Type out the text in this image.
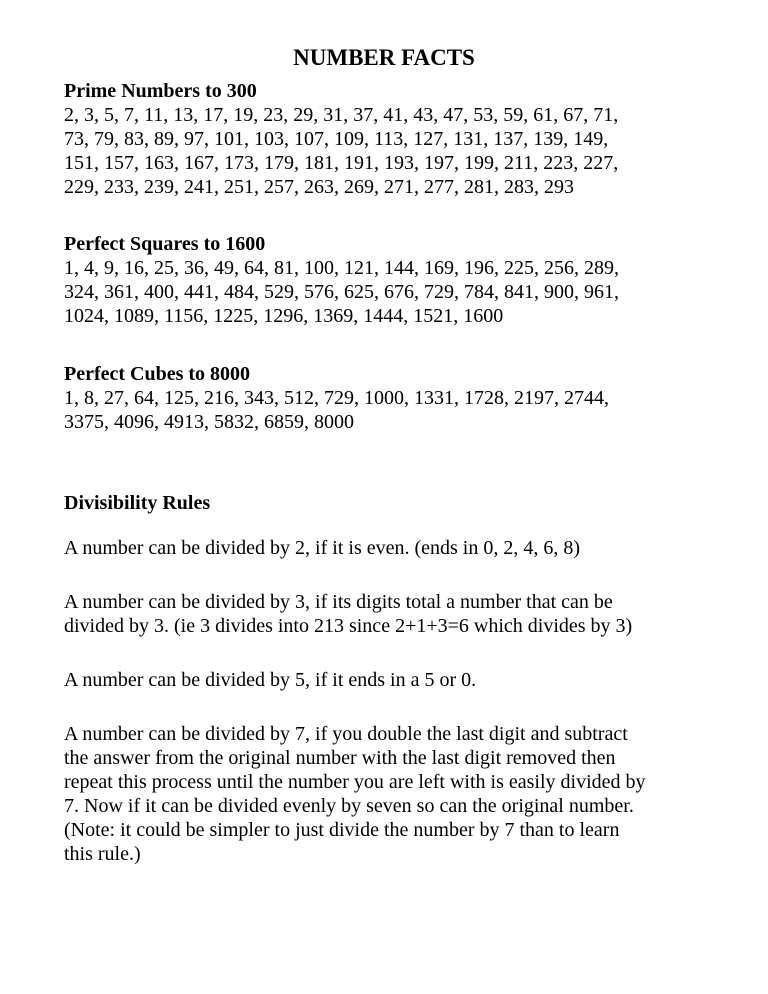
NUMBER FACTS
Prime Numbers to 300
2, 3, 5, 7, 11, 13, 17, 19, 23, 29, 31, 37, 41, 43, 47, 53, 59, 61, 67, 71,
73, 79, 83, 89, 97, 101, 103, 107, 109, 113, 127, 131, 137, 139, 149,
151, 157, 163, 167, 173, 179, 181, 191, 193, 197, 199, 211, 223, 227,
229, 233, 239, 241, 251, 257, 263, 269, 271, 277, 281, 283, 293
Perfect Squares to 1600
1, 4, 9, 16, 25, 36, 49, 64, 81, 100, 121, 144, 169, 196, 225, 256, 289,
324, 361, 400, 441, 484, 529, 576, 625, 676, 729, 784, 841, 900, 961,
1024, 1089, 1156, 1225, 1296, 1369, 1444, 1521, 1600
Perfect Cubes to 8000
1, 8, 27, 64, 125, 216, 343, 512, 729, 1000, 1331, 1728, 2197, 2744,
3375, 4096, 4913, 5832, 6859, 8000
Divisibility Rules
A number can be divided by 2, if it is even. (ends in 0, 2, 4, 6, 8)
A number can be divided by 3, if its digits total a number that can be
divided by 3. (ie 3 divides into 213 since 2+1+3=6 which divides by 3)
A number can be divided by 5, if it ends in a 5 or 0.
A number can be divided by 7, if you double the last digit and subtract
the answer from the original number with the last digit removed then
repeat this process until the number you are left with is easily divided by
7. Now if it can be divided evenly by seven so can the original number.
(Note: it could be simpler to just divide the number by 7 than to learn
this rule.)
